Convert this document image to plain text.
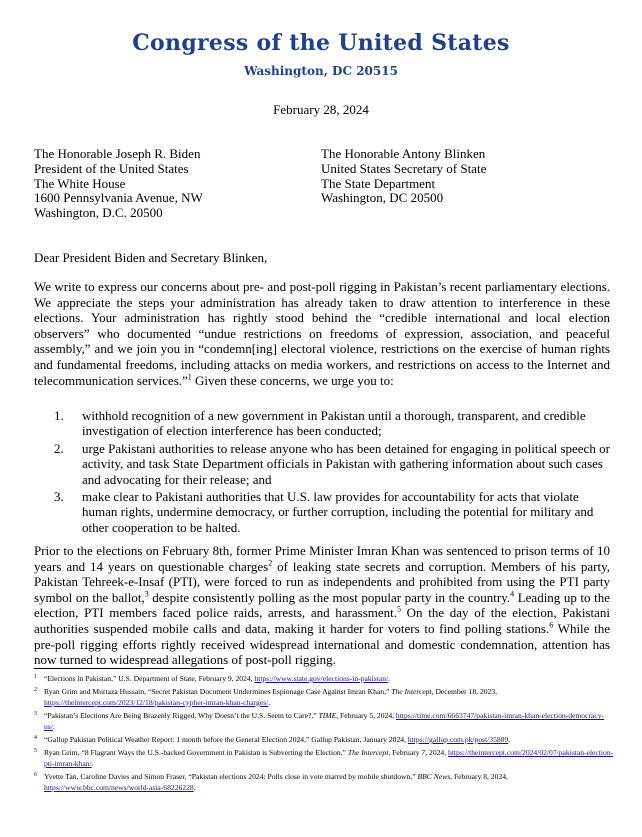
Congress of the United States
Washington, DC 20515
February 28, 2024
The Honorable Joseph R. Biden
President of the United States
The White House
1600 Pennsylvania Avenue, NW
Washington, D.C. 20500
The Honorable Antony Blinken
United States Secretary of State
The State Department
Washington, DC 20500
Dear President Biden and Secretary Blinken,
We write to express our concerns about pre- and post-poll rigging in Pakistan’s recent parliamentary elections. We appreciate the steps your administration has already taken to draw attention to interference in these elections. Your administration has rightly stood behind the “credible international and local election observers” who documented “undue restrictions on freedoms of expression, association, and peaceful assembly,” and we join you in “condemn[ing] electoral violence, restrictions on the exercise of human rights and fundamental freedoms, including attacks on media workers, and restrictions on access to the Internet and telecommunication services.”$^1$ Given these concerns, we urge you to:
1. withhold recognition of a new government in Pakistan until a thorough, transparent, and credible investigation of election interference has been conducted;
2. urge Pakistani authorities to release anyone who has been detained for engaging in political speech or activity, and task State Department officials in Pakistan with gathering information about such cases and advocating for their release; and
3. make clear to Pakistani authorities that U.S. law provides for accountability for acts that violate human rights, undermine democracy, or further corruption, including the potential for military and other cooperation to be halted.
Prior to the elections on February 8th, former Prime Minister Imran Khan was sentenced to prison terms of 10 years and 14 years on questionable charges$^2$ of leaking state secrets and corruption. Members of his party, Pakistan Tehreek-e-Insaf (PTI), were forced to run as independents and prohibited from using the PTI party symbol on the ballot,$^3$ despite consistently polling as the most popular party in the country.$^4$ Leading up to the election, PTI members faced police raids, arrests, and harassment.$^5$ On the day of the election, Pakistani authorities suspended mobile calls and data, making it harder for voters to find polling stations.$^6$ While the pre-poll rigging efforts rightly received widespread international and domestic condemnation, attention has now turned to widespread allegations of post-poll rigging.
1 “Elections in Pakistan,” U.S. Department of State, February 9, 2024, https://www.state.gov/elections-in-pakistan/.
2 Ryan Grim and Murtaza Hussain, “Secret Pakistan Document Undermines Espionage Case Against Imran Khan,” The Intercept, December 18, 2023, https://theintercept.com/2023/12/18/pakistan-cypher-imran-khan-charges/.
3 “Pakistan’s Elections Are Being Brazenly Rigged. Why Doesn’t the U.S. Seem to Care?,” TIME, February 5, 2024, https://time.com/6663747/pakistan-imran-khan-election-democracy-us/.
4 “Gallup Pakistan Political Weather Report: 1 month before the General Election 2024,” Gallup Pakistan, January 2024, https://gallup.com.pk/post/35889.
5 Ryan Grim, “8 Flagrant Ways the U.S.-backed Government in Pakistan is Subverting the Election,” The Intercept, February 7, 2024, https://theintercept.com/2024/02/07/pakistan-election-pti-imran-khan/.
6 Yvette Tan, Caroline Davies and Simon Fraser, “Pakistan elections 2024: Polls close in vote marred by mobile shutdown,” BBC News, February 8, 2024, https://www.bbc.com/news/world-asia-68226228.
